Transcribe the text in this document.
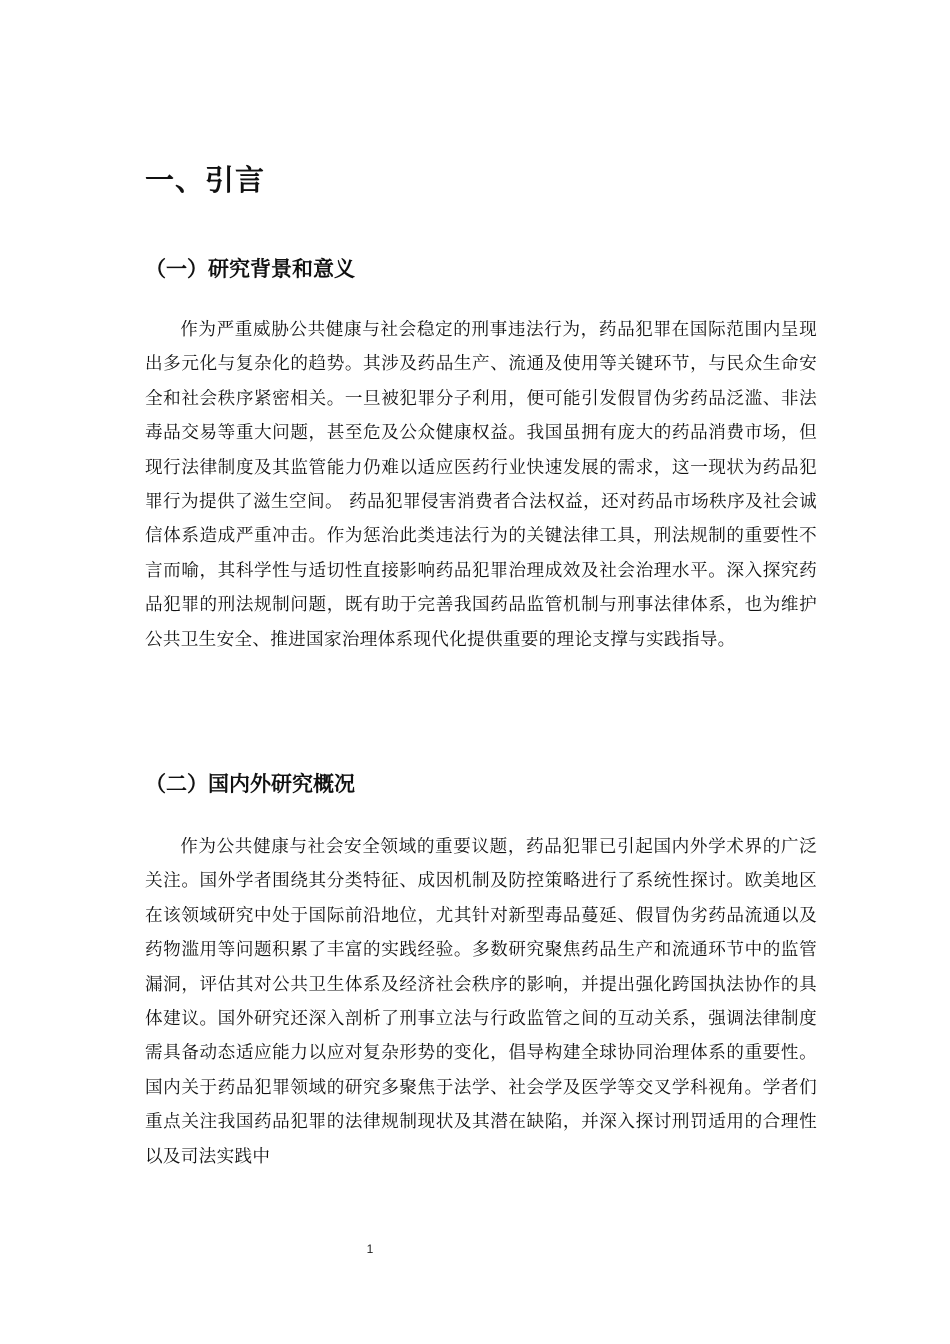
一、引言
（一）研究背景和意义

作为严重威胁公共健康与社会稳定的刑事违法行为，药品犯罪在国际范围内呈现出多元化与复杂化的趋势。其涉及药品生产、流通及使用等关键环节，与民众生命安全和社会秩序紧密相关。一旦被犯罪分子利用，便可能引发假冒伪劣药品泛滥、非法毒品交易等重大问题，甚至危及公众健康权益。我国虽拥有庞大的药品消费市场，但现行法律制度及其监管能力仍难以适应医药行业快速发展的需求，这一现状为药品犯罪行为提供了滋生空间。 药品犯罪侵害消费者合法权益，还对药品市场秩序及社会诚信体系造成严重冲击。作为惩治此类违法行为的关键法律工具，刑法规制的重要性不言而喻，其科学性与适切性直接影响药品犯罪治理成效及社会治理水平。深入探究药品犯罪的刑法规制问题，既有助于完善我国药品监管机制与刑事法律体系，也为维护公共卫生安全、推进国家治理体系现代化提供重要的理论支撑与实践指导。

（二）国内外研究概况

作为公共健康与社会安全领域的重要议题，药品犯罪已引起国内外学术界的广泛关注。国外学者围绕其分类特征、成因机制及防控策略进行了系统性探讨。欧美地区在该领域研究中处于国际前沿地位，尤其针对新型毒品蔓延、假冒伪劣药品流通以及药物滥用等问题积累了丰富的实践经验。多数研究聚焦药品生产和流通环节中的监管漏洞，评估其对公共卫生体系及经济社会秩序的影响，并提出强化跨国执法协作的具体建议。国外研究还深入剖析了刑事立法与行政监管之间的互动关系，强调法律制度需具备动态适应能力以应对复杂形势的变化，倡导构建全球协同治理体系的重要性。国内关于药品犯罪领域的研究多聚焦于法学、社会学及医学等交叉学科视角。学者们重点关注我国药品犯罪的法律规制现状及其潜在缺陷，并深入探讨刑罚适用的合理性以及司法实践中

1
